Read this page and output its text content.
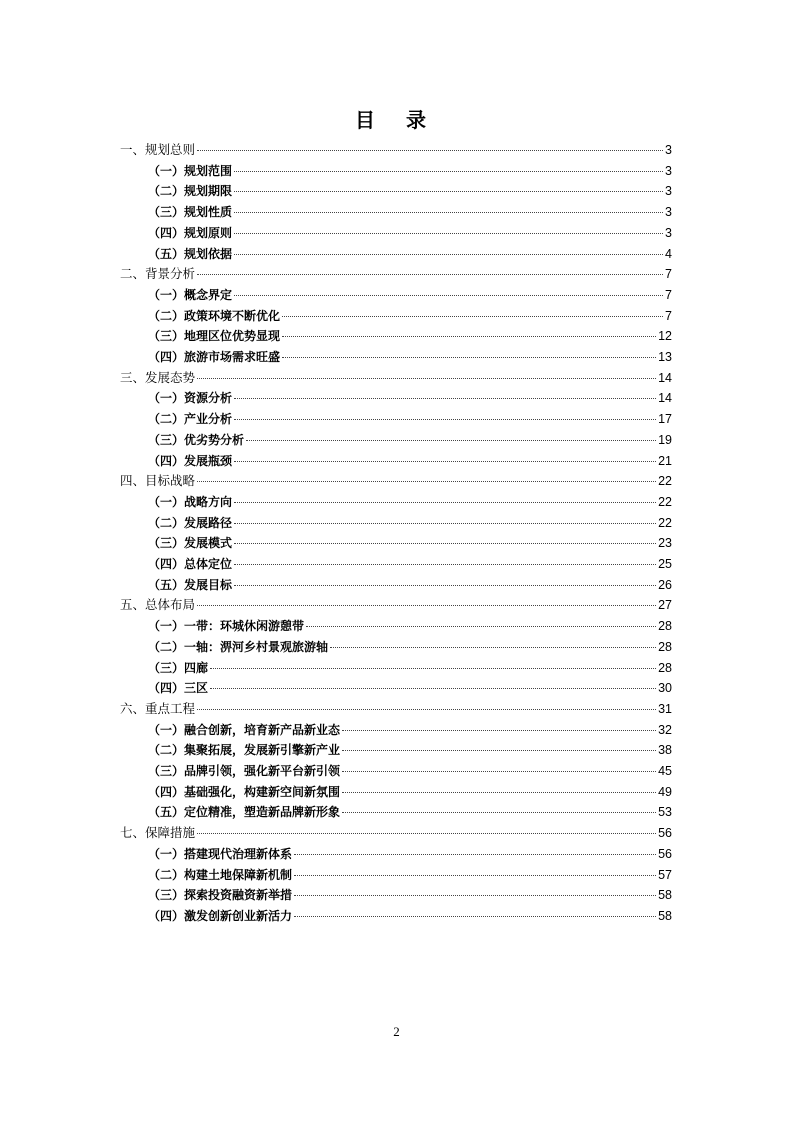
目 录
一、规划总则	3
（一）规划范围	3
（二）规划期限	3
（三）规划性质	3
（四）规划原则	3
（五）规划依据	4
二、背景分析	7
（一）概念界定	7
（二）政策环境不断优化	7
（三）地理区位优势显现	12
（四）旅游市场需求旺盛	13
三、发展态势	14
（一）资源分析	14
（二）产业分析	17
（三）优劣势分析	19
（四）发展瓶颈	21
四、目标战略	22
（一）战略方向	22
（二）发展路径	22
（三）发展模式	23
（四）总体定位	25
（五）发展目标	26
五、总体布局	27
（一）一带：环城休闲游憩带	28
（二）一轴：淠河乡村景观旅游轴	28
（三）四廊	28
（四）三区	30
六、重点工程	31
（一）融合创新，培育新产品新业态	32
（二）集聚拓展，发展新引擎新产业	38
（三）品牌引领，强化新平台新引领	45
（四）基础强化，构建新空间新氛围	49
（五）定位精准，塑造新品牌新形象	53
七、保障措施	56
（一）搭建现代治理新体系	56
（二）构建土地保障新机制	57
（三）探索投资融资新举措	58
（四）激发创新创业新活力	58
2
